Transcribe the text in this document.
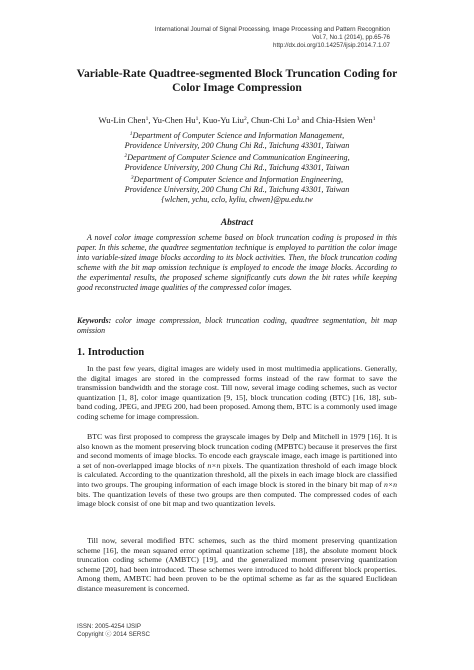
International Journal of Signal Processing, Image Processing and Pattern Recognition
Vol.7, No.1 (2014), pp.65-76
http://dx.doi.org/10.14257/ijsip.2014.7.1.07
Variable-Rate Quadtree-segmented Block Truncation Coding for
Color Image Compression
Wu-Lin Chen$^1$, Yu-Chen Hu$^1$, Kuo-Yu Liu$^2$, Chun-Chi Lo$^3$ and Chia-Hsien Wen$^1$
$^1$Department of Computer Science and Information Management,
Providence University, 200 Chung Chi Rd., Taichung 43301, Taiwan
$^2$Department of Computer Science and Communication Engineering,
Providence University, 200 Chung Chi Rd., Taichung 43301, Taiwan
$^3$Department of Computer Science and Information Engineering,
Providence University, 200 Chung Chi Rd., Taichung 43301, Taiwan
{wlchen, ychu, cclo, kyliu, chwen}@pu.edu.tw
Abstract
A novel color image compression scheme based on block truncation coding is proposed in this paper. In this scheme, the quadtree segmentation technique is employed to partition the color image into variable-sized image blocks according to its block activities. Then, the block truncation coding scheme with the bit map omission technique is employed to encode the image blocks. According to the experimental results, the proposed scheme significantly cuts down the bit rates while keeping good reconstructed image qualities of the compressed color images.
Keywords: color image compression, block truncation coding, quadtree segmentation, bit map omission
1. Introduction
In the past few years, digital images are widely used in most multimedia applications. Generally, the digital images are stored in the compressed forms instead of the raw format to save the transmission bandwidth and the storage cost. Till now, several image coding schemes, such as vector quantization [1, 8], color image quantization [9, 15], block truncation coding (BTC) [16, 18], sub-band coding, JPEG, and JPEG 200, had been proposed. Among them, BTC is a commonly used image coding scheme for image compression.
BTC was first proposed to compress the grayscale images by Delp and Mitchell in 1979 [16]. It is also known as the moment preserving block truncation coding (MPBTC) because it preserves the first and second moments of image blocks. To encode each grayscale image, each image is partitioned into a set of non-overlapped image blocks of n×n pixels. The quantization threshold of each image block is calculated. According to the quantization threshold, all the pixels in each image block are classified into two groups. The grouping information of each image block is stored in the binary bit map of n×n bits. The quantization levels of these two groups are then computed. The compressed codes of each image block consist of one bit map and two quantization levels.
Till now, several modified BTC schemes, such as the third moment preserving quantization scheme [16], the mean squared error optimal quantization scheme [18], the absolute moment block truncation coding scheme (AMBTC) [19], and the generalized moment preserving quantization scheme [20], had been introduced. These schemes were introduced to hold different block properties. Among them, AMBTC had been proven to be the optimal scheme as far as the squared Euclidean distance measurement is concerned.
ISSN: 2005-4254 IJSIP
Copyright ⓒ 2014 SERSC
